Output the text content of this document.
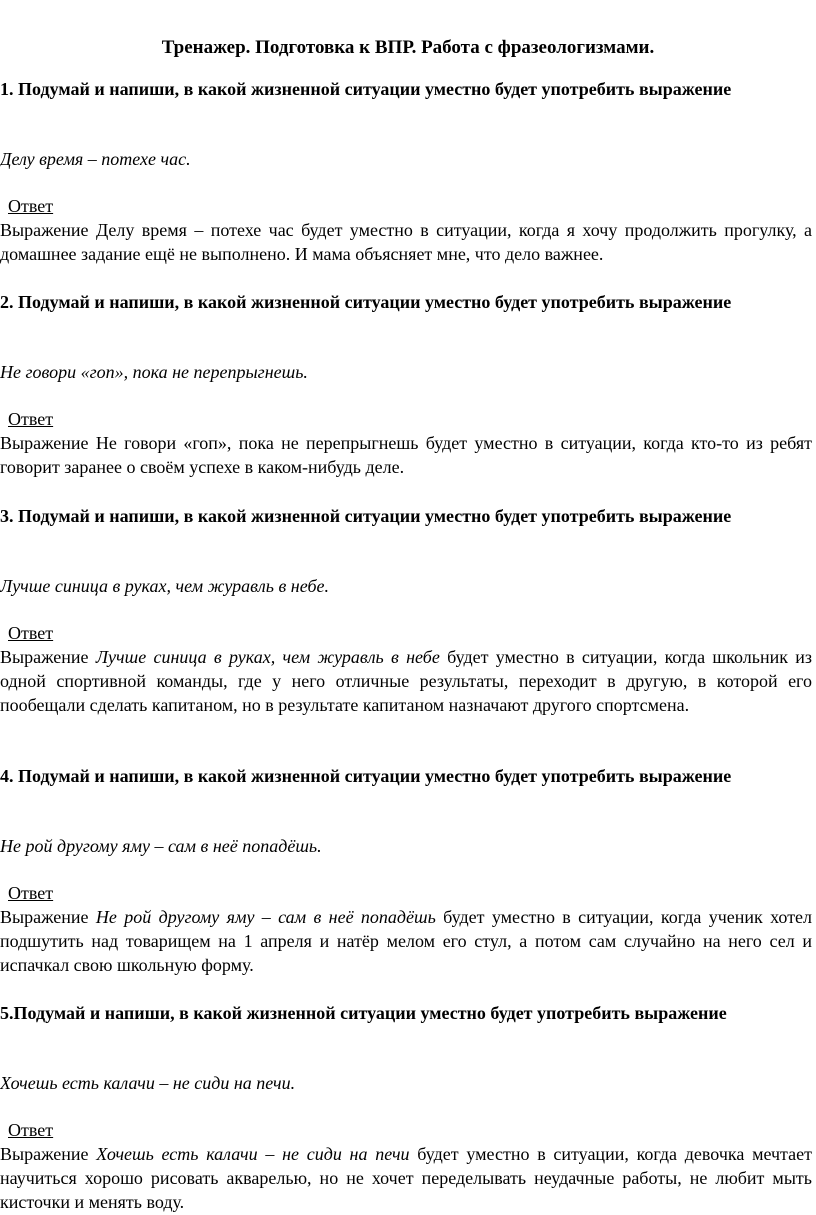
Тренажер. Подготовка к ВПР. Работа с фразеологизмами.

1. Подумай и напиши, в какой жизненной ситуации уместно будет употребить выражение

Делу время – потехе час.

Ответ

Выражение Делу время – потехе час будет уместно в ситуации, когда я хочу продолжить прогулку, а домашнее задание ещё не выполнено. И мама объясняет мне, что дело важнее.

2. Подумай и напиши, в какой жизненной ситуации уместно будет употребить выражение

Не говори «гоп», пока не перепрыгнешь.

Ответ

Выражение Не говори «гоп», пока не перепрыгнешь будет уместно в ситуации, когда кто-то из ребят говорит заранее о своём успехе в каком-нибудь деле.

3. Подумай и напиши, в какой жизненной ситуации уместно будет употребить выражение

Лучше синица в руках, чем журавль в небе.

Ответ

Выражение Лучше синица в руках, чем журавль в небе будет уместно в ситуации, когда школьник из одной спортивной команды, где у него отличные результаты, переходит в другую, в которой его пообещали сделать капитаном, но в результате капитаном назначают другого спортсмена.

4. Подумай и напиши, в какой жизненной ситуации уместно будет употребить выражение

Не рой другому яму – сам в неё попадёшь.

Ответ

Выражение Не рой другому яму – сам в неё попадёшь будет уместно в ситуации, когда ученик хотел подшутить над товарищем на 1 апреля и натёр мелом его стул, а потом сам случайно на него сел и испачкал свою школьную форму.

5.Подумай и напиши, в какой жизненной ситуации уместно будет употребить выражение

Хочешь есть калачи – не сиди на печи.

Ответ

Выражение Хочешь есть калачи – не сиди на печи будет уместно в ситуации, когда девочка мечтает научиться хорошо рисовать акварелью, но не хочет переделывать неудачные работы, не любит мыть кисточки и менять воду.
